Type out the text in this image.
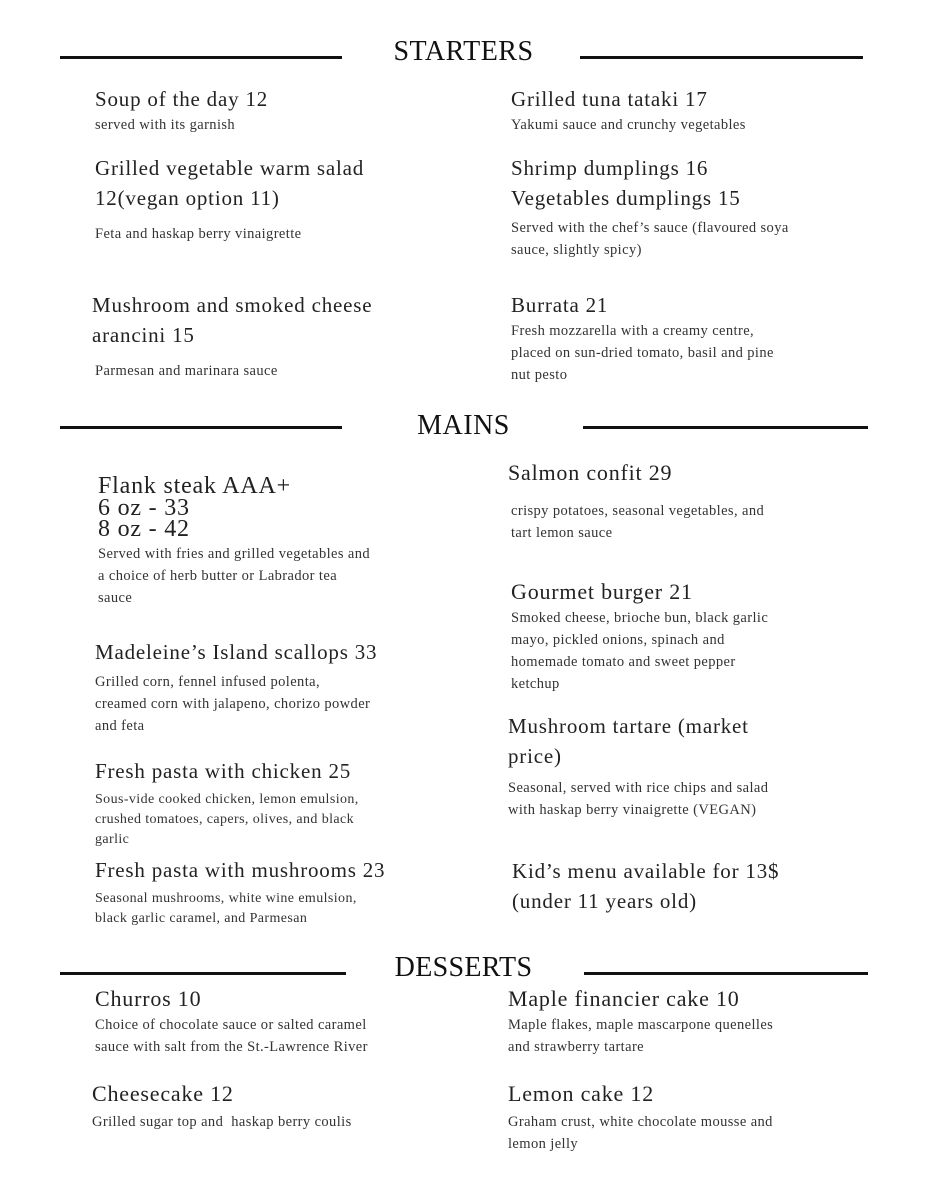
STARTERS
Soup of the day 12
served with its garnish
Grilled vegetable warm salad
12(vegan option 11)
Feta and haskap berry vinaigrette
Mushroom and smoked cheese
arancini 15
Parmesan and marinara sauce
Grilled tuna tataki 17
Yakumi sauce and crunchy vegetables
Shrimp dumplings 16
Vegetables dumplings 15
Served with the chef’s sauce (flavoured soya
sauce, slightly spicy)
Burrata 21
Fresh mozzarella with a creamy centre,
placed on sun-dried tomato, basil and pine
nut pesto
MAINS
Flank steak AAA+
6 oz - 33
8 oz - 42
Served with fries and grilled vegetables and
a choice of herb butter or Labrador tea
sauce
Madeleine’s Island scallops 33
Grilled corn, fennel infused polenta,
creamed corn with jalapeno, chorizo powder
and feta
Fresh pasta with chicken 25
Sous-vide cooked chicken, lemon emulsion,
crushed tomatoes, capers, olives, and black
garlic
Fresh pasta with mushrooms 23
Seasonal mushrooms, white wine emulsion,
black garlic caramel, and Parmesan
Salmon confit 29
crispy potatoes, seasonal vegetables, and
tart lemon sauce
Gourmet burger 21
Smoked cheese, brioche bun, black garlic
mayo, pickled onions, spinach and
homemade tomato and sweet pepper
ketchup
Mushroom tartare (market
price)
Seasonal, served with rice chips and salad
with haskap berry vinaigrette (VEGAN)
Kid’s menu available for 13$
(under 11 years old)
DESSERTS
Churros 10
Choice of chocolate sauce or salted caramel
sauce with salt from the St.-Lawrence River
Cheesecake 12
Grilled sugar top and  haskap berry coulis
Maple financier cake 10
Maple flakes, maple mascarpone quenelles
and strawberry tartare
Lemon cake 12
Graham crust, white chocolate mousse and
lemon jelly
